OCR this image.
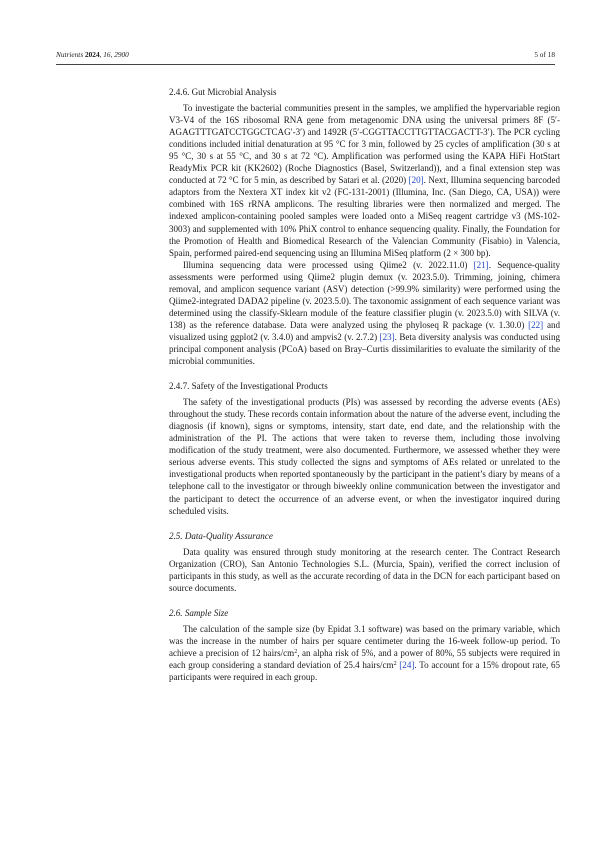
Nutrients 2024, 16, 2900	5 of 18
2.4.6. Gut Microbial Analysis

To investigate the bacterial communities present in the samples, we amplified the hypervariable region V3-V4 of the 16S ribosomal RNA gene from metagenomic DNA using the universal primers 8F (5′-AGAGTTTGATCCTGGCTCAG′-3′) and 1492R (5′-CGGTTACCTTGTTACGACTT-3′). The PCR cycling conditions included initial denaturation at 95 °C for 3 min, followed by 25 cycles of amplification (30 s at 95 °C, 30 s at 55 °C, and 30 s at 72 °C). Amplification was performed using the KAPA HiFi HotStart ReadyMix PCR kit (KK2602) (Roche Diagnostics (Basel, Switzerland)), and a final extension step was conducted at 72 °C for 5 min, as described by Satari et al. (2020) [20]. Next, Illumina sequencing barcoded adaptors from the Nextera XT index kit v2 (FC-131-2001) (Illumina, Inc. (San Diego, CA, USA)) were combined with 16S rRNA amplicons. The resulting libraries were then normalized and merged. The indexed amplicon-containing pooled samples were loaded onto a MiSeq reagent cartridge v3 (MS-102-3003) and supplemented with 10% PhiX control to enhance sequencing quality. Finally, the Foundation for the Promotion of Health and Biomedical Research of the Valencian Community (Fisabio) in Valencia, Spain, performed paired-end sequencing using an Illumina MiSeq platform (2 × 300 bp).

Illumina sequencing data were processed using Qiime2 (v. 2022.11.0) [21]. Sequence-quality assessments were performed using Qiime2 plugin demux (v. 2023.5.0). Trimming, joining, chimera removal, and amplicon sequence variant (ASV) detection (>99.9% similarity) were performed using the Qiime2-integrated DADA2 pipeline (v. 2023.5.0). The taxonomic assignment of each sequence variant was determined using the classify-Sklearn module of the feature classifier plugin (v. 2023.5.0) with SILVA (v. 138) as the reference database. Data were analyzed using the phyloseq R package (v. 1.30.0) [22] and visualized using ggplot2 (v. 3.4.0) and ampvis2 (v. 2.7.2) [23]. Beta diversity analysis was conducted using principal component analysis (PCoA) based on Bray–Curtis dissimilarities to evaluate the similarity of the microbial communities.

2.4.7. Safety of the Investigational Products

The safety of the investigational products (PIs) was assessed by recording the adverse events (AEs) throughout the study. These records contain information about the nature of the adverse event, including the diagnosis (if known), signs or symptoms, intensity, start date, end date, and the relationship with the administration of the PI. The actions that were taken to reverse them, including those involving modification of the study treatment, were also documented. Furthermore, we assessed whether they were serious adverse events. This study collected the signs and symptoms of AEs related or unrelated to the investigational products when reported spontaneously by the participant in the patient’s diary by means of a telephone call to the investigator or through biweekly online communication between the investigator and the participant to detect the occurrence of an adverse event, or when the investigator inquired during scheduled visits.

2.5. Data-Quality Assurance

Data quality was ensured through study monitoring at the research center. The Contract Research Organization (CRO), San Antonio Technologies S.L. (Murcia, Spain), verified the correct inclusion of participants in this study, as well as the accurate recording of data in the DCN for each participant based on source documents.

2.6. Sample Size

The calculation of the sample size (by Epidat 3.1 software) was based on the primary variable, which was the increase in the number of hairs per square centimeter during the 16-week follow-up period. To achieve a precision of 12 hairs/$cm^2$, an alpha risk of 5%, and a power of 80%, 55 subjects were required in each group considering a standard deviation of 25.4 hairs/$cm^2$ [24]. To account for a 15% dropout rate, 65 participants were required in each group.
